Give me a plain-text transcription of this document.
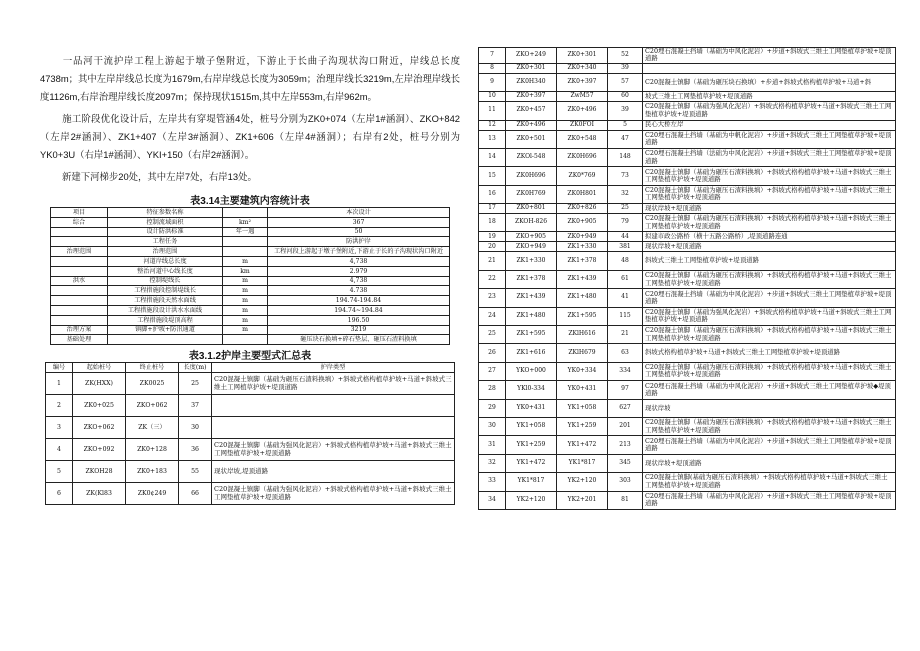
一品河干流护岸工程上游起于墩子堡附近，下游止于长曲子沟现状沟口附近，岸线总长度4738m；其中左岸岸线总长度为1679m,右岸岸线总长度为3059m；治理岸线长3219m,左岸治理岸线长度1126m,右岸治理岸线长度2097m；保持现状1515m,其中左岸553m,右岸962m。

施工阶段优化设计后，左岸共有穿堤管涵4处，桩号分别为ZK0+074（左岸1#涵洞）、ZKO+842（左岸2#涵洞）、ZK1+407（左岸3#涵洞）、ZK1+606（左岸4#涵洞）；右岸有2处，桩号分别为YK0+3U（右岸1#涵洞）、YKI+150（右岸2#涵洞）。

新建下河梯步20处，其中左岸7处，右岸13处。

表3.14主要建筑内容统计表

项目	特征参数名称		本次设计
综合	控制流域面积	km²	367
	设计防洪标准	年一遇	50
	工程任务		防洪护岸
治理范围	治理范围		工程河段上游起于墩子堡附近,下游止于长的子沟现状沟口附近
	河道岸线总长度	m	4,738
	整治河道中心线长度	km	2.979
洪水	控制堤线长	m	4,738
	工程措施段控制堤线长	m	4.738
	工程措施段天然水面线	m	194.74-194.84
	工程措施段设计洪水水面线	m	194.74~194.84
	工程措施段堤顶高程	m	196.50
治理方案	镇脚+护坡+防汛通道	m	3219
基础处理			砸压块石换填+碎石垫层、砸压石渣料换填

表3.1.2护岸主要型式汇总表

编号	起始桩号	终止桩号	长度(m)	护岸类型
1	ZK(HXX)	ZK0025	25	C20混凝土镇脚（基础为砸压石渣料换填）+斜坡式格构植草护坡+马道+斜坡式三维土工网植草护坡+堤顶道路
2	ZK0+025	ZKO+062	37	
3	ZKO+062	ZK（三）	30	
4	ZKO+092	ZK0+128	36	C20混凝土镇脚（基础为强风化泥岩）+斜坡式格构植草护坡+马道+斜坡式三维土工网垫植草护坡+堤顶道路
5	ZKOH28	ZK0+183	55	现状岸坡,堤顶道路
6	ZK(Kl83	ZK0¢249	66	C20混凝土镇脚（基础为强风化泥岩）+斜坡式格构植草护坡+马道+斜坡式三维土工网垫植草护坡+堤顶道路
7	ZKO+249	ZK0+301	52	C20埋石混凝土挡墙（基础为中风化泥岩）+步道+斜坡式三维土工网垫植草护坡+堤顶道路
8	ZK0+301	ZK0+340	39	
9	ZK0H340	ZK0+397	57	C20混凝土镇脚（基础为砸压块石换填）+步道+斜坡式格构植草护坡+马道+斜
10	ZK0+397	ZwM57	60	坡式三维土工网垫植草护坡+堤顶道路
11	ZK0+457	ZK0+496	39	C20混凝土镇脚（基础为强风化泥岩）+斜坡式格构植草护坡+马道+斜坡式三维土工网垫植草护坡+堤顶道路
12	ZK0+496	ZK0FOI	5	民心大桥左岸
13	ZK0+501	ZK0+548	47	C20埋石混凝土挡墙（基础为中帆化泥岩）+步道+斜坡式三维土工网垫植草护坡+堤顶道路
14	ZKOl-548	ZK0H696	148	C20埋石混凝土挡墙（法础为中风化泥岩）+步道+斜坡式三维土工网垫植草护坡+堤顶道路
15	ZK0H696	ZK0*769	73	C20混凝土镇脚（基础为砸压石渣料换填）+斜坡式格构植草护坡+马道+斜坡式三维土工网垫植草护坡+堤顶道路
16	ZK0H769	ZK0H801	32	C20混凝土镇脚（基础为砸压石渣料换填）+斜坡式格构植草护坡+马道+斜坡式三维土工网垫植草护坡+堤顶道路
17	ZK0+801	ZK0+826	25	现状岸坡+堤顶道路
18	ZKOH-826	ZK0+905	79	C20混凝土镇脚（基础为砸压石渣料换填）+斜坡式格构植草护坡+马道+斜坡式三维土工网垫植草护坡+堤顶道路
19	ZKO+905	ZK0+949	44	拟建市政公路桥（横十五路公路桥）,堤顶道路连通
20	ZKO+949	ZK1+330	381	现状岸坡+堤顶道路
21	ZK1+330	ZK1+378	48	斜坡式三维土工网垫植草护坡+堤顶道路
22	ZK1+378	ZK1+439	61	C20混凝土镇脚（基础为砸压石渣料换填）+斜坡式格构植草护坡+马道+斜坡式三维土工网垫植草护坡+堤顶道路
23	ZK1+439	ZK1+480	41	C20埋石混凝土挡墙（基础为中风化泥岩）+步道+斜坡式三维土工网垫植草护坡+堤顶道路
24	ZK1+480	ZK1+595	115	C20混凝土镇脚（基础为强风化泥岩）+斜坡式格构植草护坡+马道+斜坡式三维土工网垫植草护坡+堤顶道路
25	ZK1+595	ZKlH616	21	C20混凝土镇脚（基础为砸压石渣料换填）+斜坡式格构植草护坡+马道+斜坡式三维土工网垫植草护坡+堤顶道路
26	ZK1+616	ZKlH679	63	斜坡式格构植草护坡+马道+斜坡式三维土工网垫植草护坡+堤顶道路
27	YKO+000	YK0+334	334	C20混凝土镇脚（基础为砸压石渣料换填）+斜坡式格构植草护坡+马道+斜坡式三维土工网垫植草护坡+堤顶道路
28	YKl0-334	YK0+431	97	C20埋石混凝土挡墙（基础为中风化泥岩）+步道+斜坡式三维土工网垫植草护坡◆堤顶道路
29	YK0+431	YK1+058	627	现状岸坡
30	YK1+058	YK1+259	201	C20混凝土镇脚（基础为砸压石渣料换填）+斜坡式格构植草护坡+马道+斜坡式三维土工网垫植草护坡+堤顶道路
31	YK1+259	YK1+472	213	C20埋石混凝土挡墙（基础为中风化泥岩）+步道+斜坡式三维土工网垫植草护坡+堤顶道路
32	YK1+472	YK1*817	345	现状岸坡+堤顶道路
33	YK1*817	YK2+120	303	C20混凝土镇脚(基础为砸压石渣料换填）+斜坡式格构植草护坡+马道+斜坡式三维土工网垫植草护坡+堤顶道路
34	YK2+120	YK2+201	81	C20埋石混凝土挡墙（基础为中风化泥岩）+步道+斜坡式三维土工网垫植草护坡+堤顶道路
